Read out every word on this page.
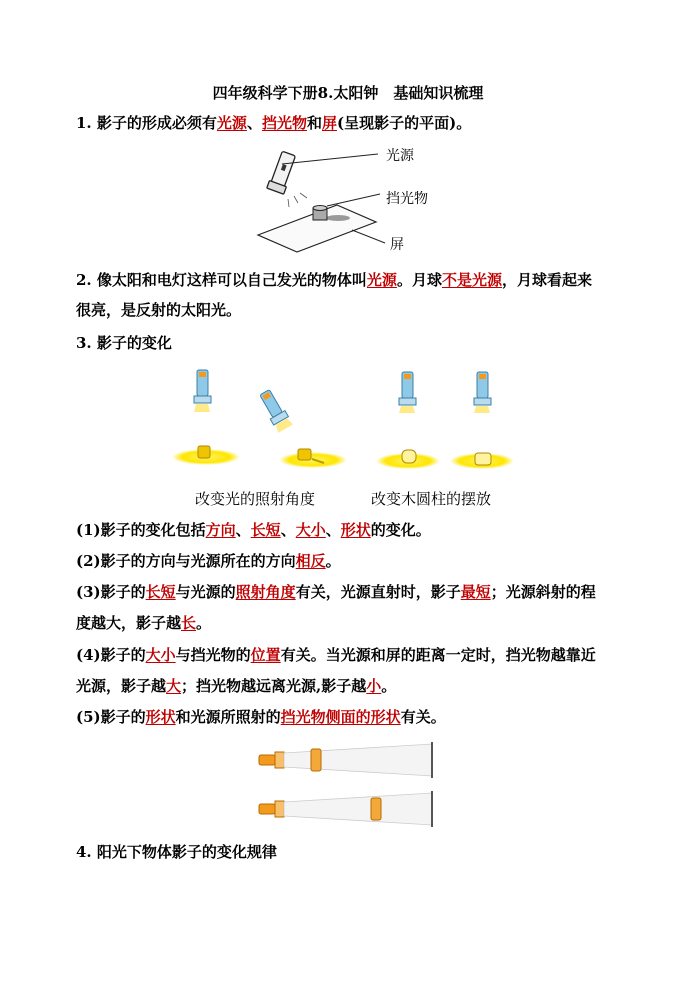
四年级科学下册8.太阳钟　基础知识梳理
1. 影子的形成必须有光源、挡光物和屏(呈现影子的平面)。
光源
挡光物
屏
2. 像太阳和电灯这样可以自己发光的物体叫光源。月球不是光源，月球看起来
很亮，是反射的太阳光。
3. 影子的变化
改变光的照射角度	改变木圆柱的摆放
(1)影子的变化包括方向、长短、大小、形状的变化。
(2)影子的方向与光源所在的方向相反。
(3)影子的长短与光源的照射角度有关，光源直射时，影子最短；光源斜射的程
度越大，影子越长。
(4)影子的大小与挡光物的位置有关。当光源和屏的距离一定时，挡光物越靠近
光源，影子越大；挡光物越远离光源,影子越小。
(5)影子的形状和光源所照射的挡光物侧面的形状有关。
4. 阳光下物体影子的变化规律
